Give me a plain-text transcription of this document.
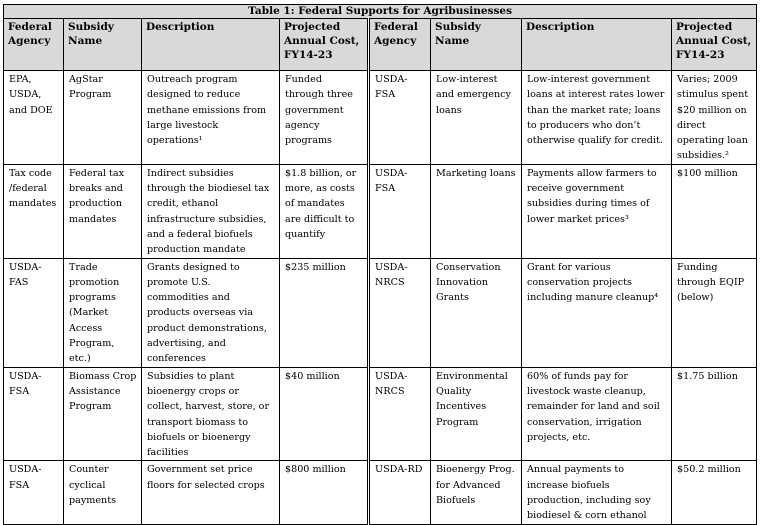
Table 1: Federal Supports for Agribusinesses							
Federal Agency	Subsidy Name	Description	Projected Annual Cost, FY14-23	Federal Agency	Subsidy Name	Description	Projected Annual Cost, FY14-23
EPA, USDA, and DOE	AgStar Program	Outreach program designed to reduce methane emissions from large livestock operations¹	Funded through three government agency programs	USDA-FSA	Low-interest and emergency loans	Low-interest government loans at interest rates lower than the market rate; loans to producers who don’t otherwise qualify for credit.	Varies; 2009 stimulus spent $20 million on direct operating loan subsidies.²
Tax code /federal mandates	Federal tax breaks and production mandates	Indirect subsidies through the biodiesel tax credit, ethanol infrastructure subsidies, and a federal biofuels production mandate	$1.8 billion, or more, as costs of mandates are difficult to quantify	USDA-FSA	Marketing loans	Payments allow farmers to receive government subsidies during times of lower market prices³	$100 million
USDA-FAS	Trade promotion programs (Market Access Program, etc.)	Grants designed to promote U.S. commodities and products overseas via product demonstrations, advertising, and conferences	$235 million	USDA-NRCS	Conservation Innovation Grants	Grant for various conservation projects including manure cleanup⁴	Funding through EQIP (below)
USDA-FSA	Biomass Crop Assistance Program	Subsidies to plant bioenergy crops or collect, harvest, store, or transport biomass to biofuels or bioenergy facilities	$40 million	USDA-NRCS	Environmental Quality Incentives Program	60% of funds pay for livestock waste cleanup, remainder for land and soil conservation, irrigation projects, etc.	$1.75 billion
USDA-FSA	Counter cyclical payments	Government set price floors for selected crops	$800 million	USDA-RD	Bioenergy Prog. for Advanced Biofuels	Annual payments to increase biofuels production, including soy biodiesel & corn ethanol	$50.2 million
